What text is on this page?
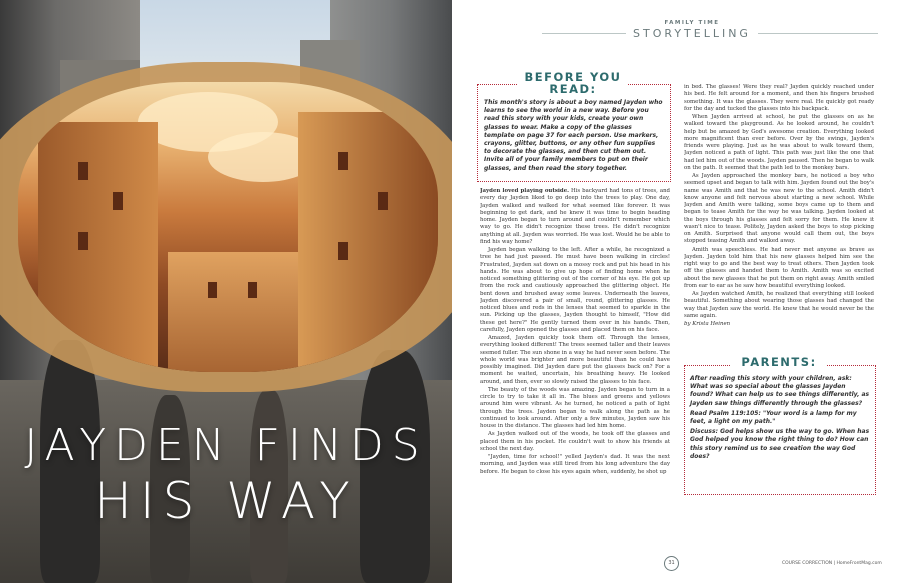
JAYDEN FINDS
HIS WAY
FAMILY TIME
STORYTELLING
BEFORE YOU READ:

This month's story is about a boy named Jayden who learns to see the world in a new way. Before you read this story with your kids, create your own glasses to wear. Make a copy of the glasses template on page 37 for each person. Use markers, crayons, glitter, buttons, or any other fun supplies to decorate the glasses, and then cut them out. Invite all of your family members to put on their glasses, and then read the story together.

Jayden loved playing outside. His backyard had tons of trees, and every day Jayden liked to go deep into the trees to play. One day, Jayden walked and walked for what seemed like forever. It was beginning to get dark, and he knew it was time to begin heading home. Jayden began to turn around and couldn't remember which way to go. He didn't recognize these trees. He didn't recognize anything at all. Jayden was worried. He was lost. Would he be able to find his way home?

Jayden began walking to the left. After a while, he recognized a tree he had just passed. He must have been walking in circles! Frustrated, Jayden sat down on a mossy rock and put his head in his hands. He was about to give up hope of finding home when he noticed something glittering out of the corner of his eye. He got up from the rock and cautiously approached the glittering object. He bent down and brushed away some leaves. Underneath the leaves, Jayden discovered a pair of small, round, glittering glasses. He noticed blues and reds in the lenses that seemed to sparkle in the sun. Picking up the glasses, Jayden thought to himself, "How did these get here?" He gently turned them over in his hands. Then, carefully, Jayden opened the glasses and placed them on his face.

Amazed, Jayden quickly took them off. Through the lenses, everything looked different! The trees seemed taller and their leaves seemed fuller. The sun shone in a way he had never seen before. The whole world was brighter and more beautiful than he could have possibly imagined. Did Jayden dare put the glasses back on? For a moment he waited, uncertain, his breathing heavy. He looked around, and then, ever so slowly raised the glasses to his face.

The beauty of the woods was amazing. Jayden began to turn in a circle to try to take it all in. The blues and greens and yellows around him were vibrant. As he turned, he noticed a path of light through the trees. Jayden began to walk along the path as he continued to look around. After only a few minutes, Jayden saw his house in the distance. The glasses had led him home.

As Jayden walked out of the woods, he took off the glasses and placed them in his pocket. He couldn't wait to show his friends at school the next day.

"Jayden, time for school!" yelled Jayden's dad. It was the next morning, and Jayden was still tired from his long adventure the day before. He began to close his eyes again when, suddenly, he shot up

in bed. The glasses! Were they real? Jayden quickly reached under his bed. He felt around for a moment, and then his fingers brushed something. It was the glasses. They were real. He quickly got ready for the day and tucked the glasses into his backpack.

When Jayden arrived at school, he put the glasses on as he walked toward the playground. As he looked around, he couldn't help but be amazed by God's awesome creation. Everything looked more magnificent than ever before. Over by the swings, Jayden's friends were playing. Just as he was about to walk toward them, Jayden noticed a path of light. This path was just like the one that had led him out of the woods. Jayden paused. Then he began to walk on the path. It seemed that the path led to the monkey bars.

As Jayden approached the monkey bars, he noticed a boy who seemed upset and began to talk with him. Jayden found out the boy's name was Amith and that he was new to the school. Amith didn't know anyone and felt nervous about starting a new school. While Jayden and Amith were talking, some boys came up to them and began to tease Amith for the way he was talking. Jayden looked at the boys through his glasses and felt sorry for them. He knew it wasn't nice to tease. Politely, Jayden asked the boys to stop picking on Amith. Surprised that anyone would call them out, the boys stopped teasing Amith and walked away.

Amith was speechless. He had never met anyone as brave as Jayden. Jayden told him that his new glasses helped him see the right way to go and the best way to treat others. Then Jayden took off the glasses and handed them to Amith. Amith was so excited about the new glasses that he put them on right away. Amith smiled from ear to ear as he saw how beautiful everything looked.

As Jayden watched Amith, he realized that everything still looked beautiful. Something about wearing those glasses had changed the way that Jayden saw the world. He knew that he would never be the same again.

by Krista Heinen

PARENTS:

After reading this story with your children, ask: What was so special about the glasses Jayden found? What can help us to see things differently, as Jayden saw things differently through the glasses?

Read Psalm 119:105: "Your word is a lamp for my feet, a light on my path."

Discuss: God helps show us the way to go. When has God helped you know the right thing to do? How can this story remind us to see creation the way God does?

31	COURSE CORRECTION | HomeFrontMag.com
